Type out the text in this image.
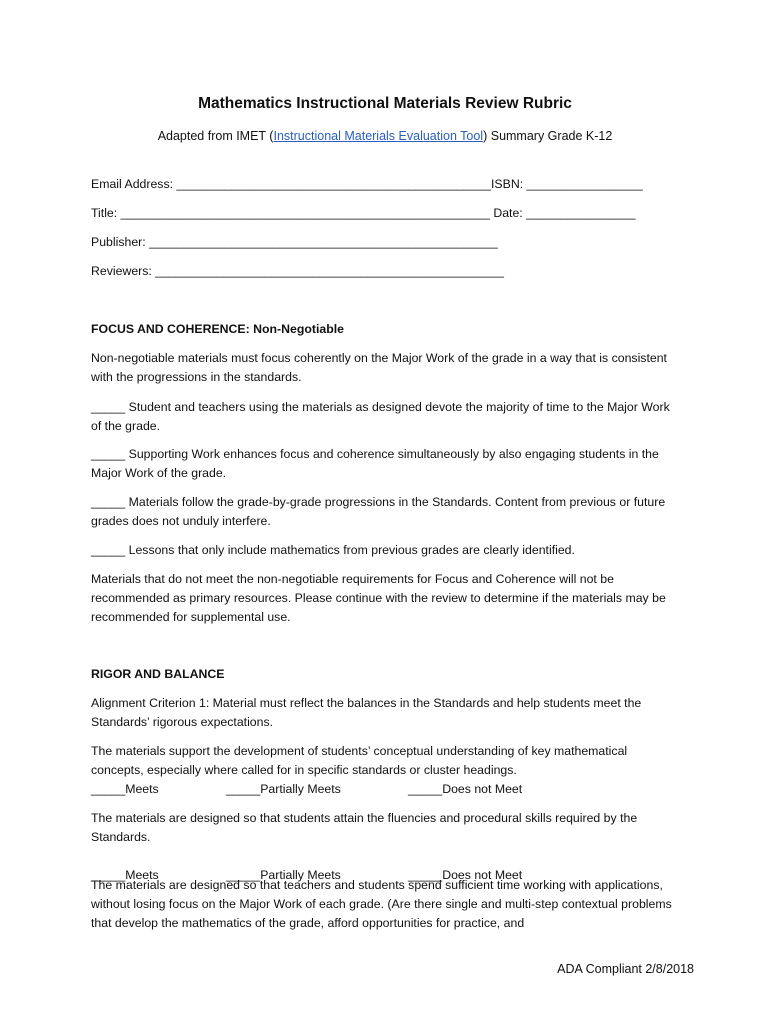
Mathematics Instructional Materials Review Rubric
Adapted from IMET (Instructional Materials Evaluation Tool) Summary Grade K-12

Email Address: ______________________________________________ISBN: _________________

Title: ______________________________________________________ Date: ________________

Publisher: ___________________________________________________

Reviewers: ___________________________________________________

FOCUS AND COHERENCE: Non-Negotiable

Non-negotiable materials must focus coherently on the Major Work of the grade in a way that is consistent with the progressions in the standards.

_____ Student and teachers using the materials as designed devote the majority of time to the Major Work of the grade.

_____ Supporting Work enhances focus and coherence simultaneously by also engaging students in the Major Work of the grade.

_____ Materials follow the grade-by-grade progressions in the Standards. Content from previous or future grades does not unduly interfere.

_____ Lessons that only include mathematics from previous grades are clearly identified.

Materials that do not meet the non-negotiable requirements for Focus and Coherence will not be recommended as primary resources. Please continue with the review to determine if the materials may be recommended for supplemental use.

RIGOR AND BALANCE

Alignment Criterion 1: Material must reflect the balances in the Standards and help students meet the Standards’ rigorous expectations.

The materials support the development of students’ conceptual understanding of key mathematical concepts, especially where called for in specific standards or cluster headings.

_____Meets	_____Partially Meets	_____Does not Meet

The materials are designed so that students attain the fluencies and procedural skills required by the Standards.

_____Meets	_____Partially Meets	_____Does not Meet

The materials are designed so that teachers and students spend sufficient time working with applications, without losing focus on the Major Work of each grade. (Are there single and multi-step contextual problems that develop the mathematics of the grade, afford opportunities for practice, and

ADA Compliant 2/8/2018
